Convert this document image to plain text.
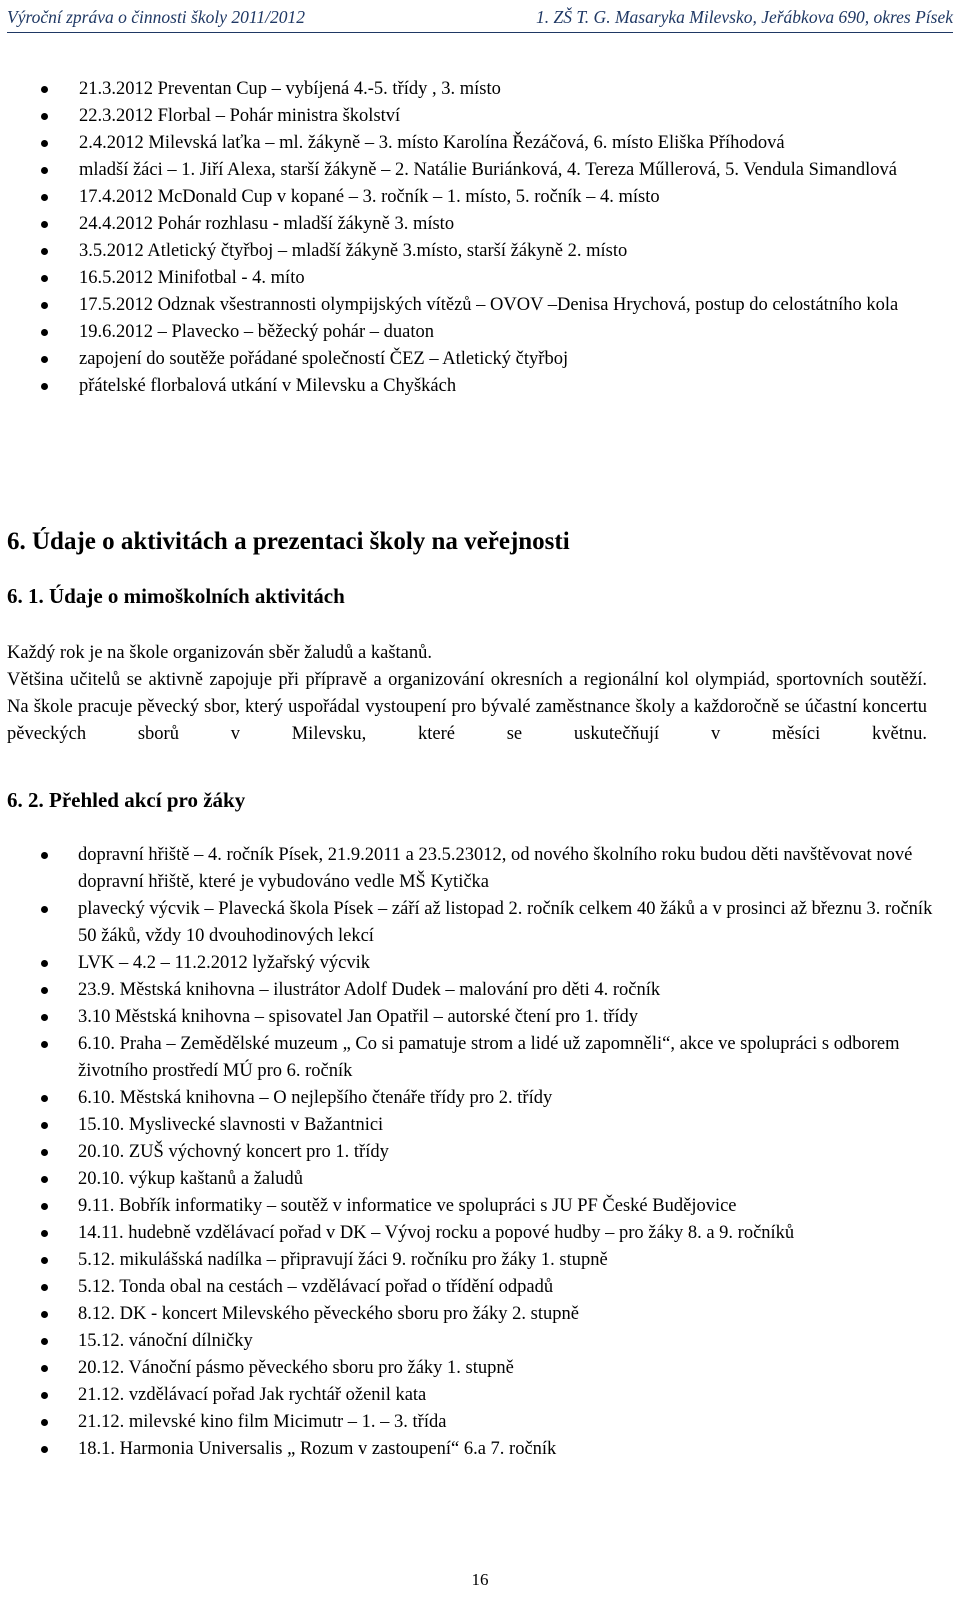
Výroční zpráva o činnosti školy 2011/2012	1. ZŠ T. G. Masaryka Milevsko, Jeřábkova 690, okres Písek
21.3.2012 Preventan Cup – vybíjená 4.-5. třídy , 3. místo
22.3.2012 Florbal – Pohár ministra školství
2.4.2012 Milevská laťka – ml. žákyně – 3. místo Karolína Řezáčová, 6. místo Eliška Příhodová
mladší žáci – 1. Jiří Alexa, starší žákyně – 2. Natálie Buriánková, 4. Tereza Műllerová, 5. Vendula Simandlová
17.4.2012 McDonald Cup v kopané – 3. ročník – 1. místo, 5. ročník – 4. místo
24.4.2012 Pohár rozhlasu - mladší žákyně 3. místo
3.5.2012 Atletický čtyřboj – mladší žákyně 3.místo, starší žákyně 2. místo
16.5.2012 Minifotbal - 4. míto
17.5.2012 Odznak všestrannosti olympijských vítězů – OVOV –Denisa Hrychová, postup do celostátního kola
19.6.2012 – Plavecko – běžecký pohár – duaton
zapojení do soutěže pořádané společností ČEZ – Atletický čtyřboj
přátelské florbalová utkání v Milevsku a Chyškách
6. Údaje o aktivitách a prezentaci školy na veřejnosti
6. 1. Údaje o mimoškolních aktivitách

Každý rok je na škole organizován sběr žaludů a kaštanů.

Většina učitelů se aktivně zapojuje při přípravě a organizování okresních a regionální kol olympiád, sportovních soutěží.

Na škole pracuje pěvecký sbor, který uspořádal vystoupení pro bývalé zaměstnance školy a každoročně se účastní koncertu pěveckých sborů v Milevsku, které se uskutečňují v měsíci květnu.

6. 2. Přehled akcí pro žáky
dopravní hřiště – 4. ročník Písek, 21.9.2011 a 23.5.23012, od nového školního roku budou děti navštěvovat nové dopravní hřiště, které je vybudováno vedle MŠ Kytička
plavecký výcvik – Plavecká škola Písek – září až listopad 2. ročník celkem 40 žáků a v prosinci až březnu 3. ročník 50 žáků, vždy 10 dvouhodinových lekcí
LVK – 4.2 – 11.2.2012 lyžařský výcvik
23.9. Městská knihovna – ilustrátor Adolf Dudek – malování pro děti 4. ročník
3.10 Městská knihovna – spisovatel Jan Opatřil – autorské čtení pro 1. třídy
6.10. Praha – Zemědělské muzeum „ Co si pamatuje strom a lidé už zapomněli“, akce ve spolupráci s odborem životního prostředí MÚ pro 6. ročník
6.10. Městská knihovna – O nejlepšího čtenáře třídy pro 2. třídy
15.10. Myslivecké slavnosti v Bažantnici
20.10. ZUŠ výchovný koncert pro 1. třídy
20.10. výkup kaštanů a žaludů
9.11. Bobřík informatiky – soutěž v informatice ve spolupráci s JU PF České Budějovice
14.11. hudebně vzdělávací pořad v DK – Vývoj rocku a popové hudby – pro žáky 8. a 9. ročníků
5.12. mikulášská nadílka – připravují žáci 9. ročníku pro žáky 1. stupně
5.12. Tonda obal na cestách – vzdělávací pořad o třídění odpadů
8.12. DK - koncert Milevského pěveckého sboru pro žáky 2. stupně
15.12. vánoční dílničky
20.12. Vánoční pásmo pěveckého sboru pro žáky 1. stupně
21.12. vzdělávací pořad Jak rychtář oženil kata
21.12. milevské kino film Micimutr – 1. – 3. třída
18.1. Harmonia Universalis „ Rozum v zastoupení“ 6.a 7. ročník
16
